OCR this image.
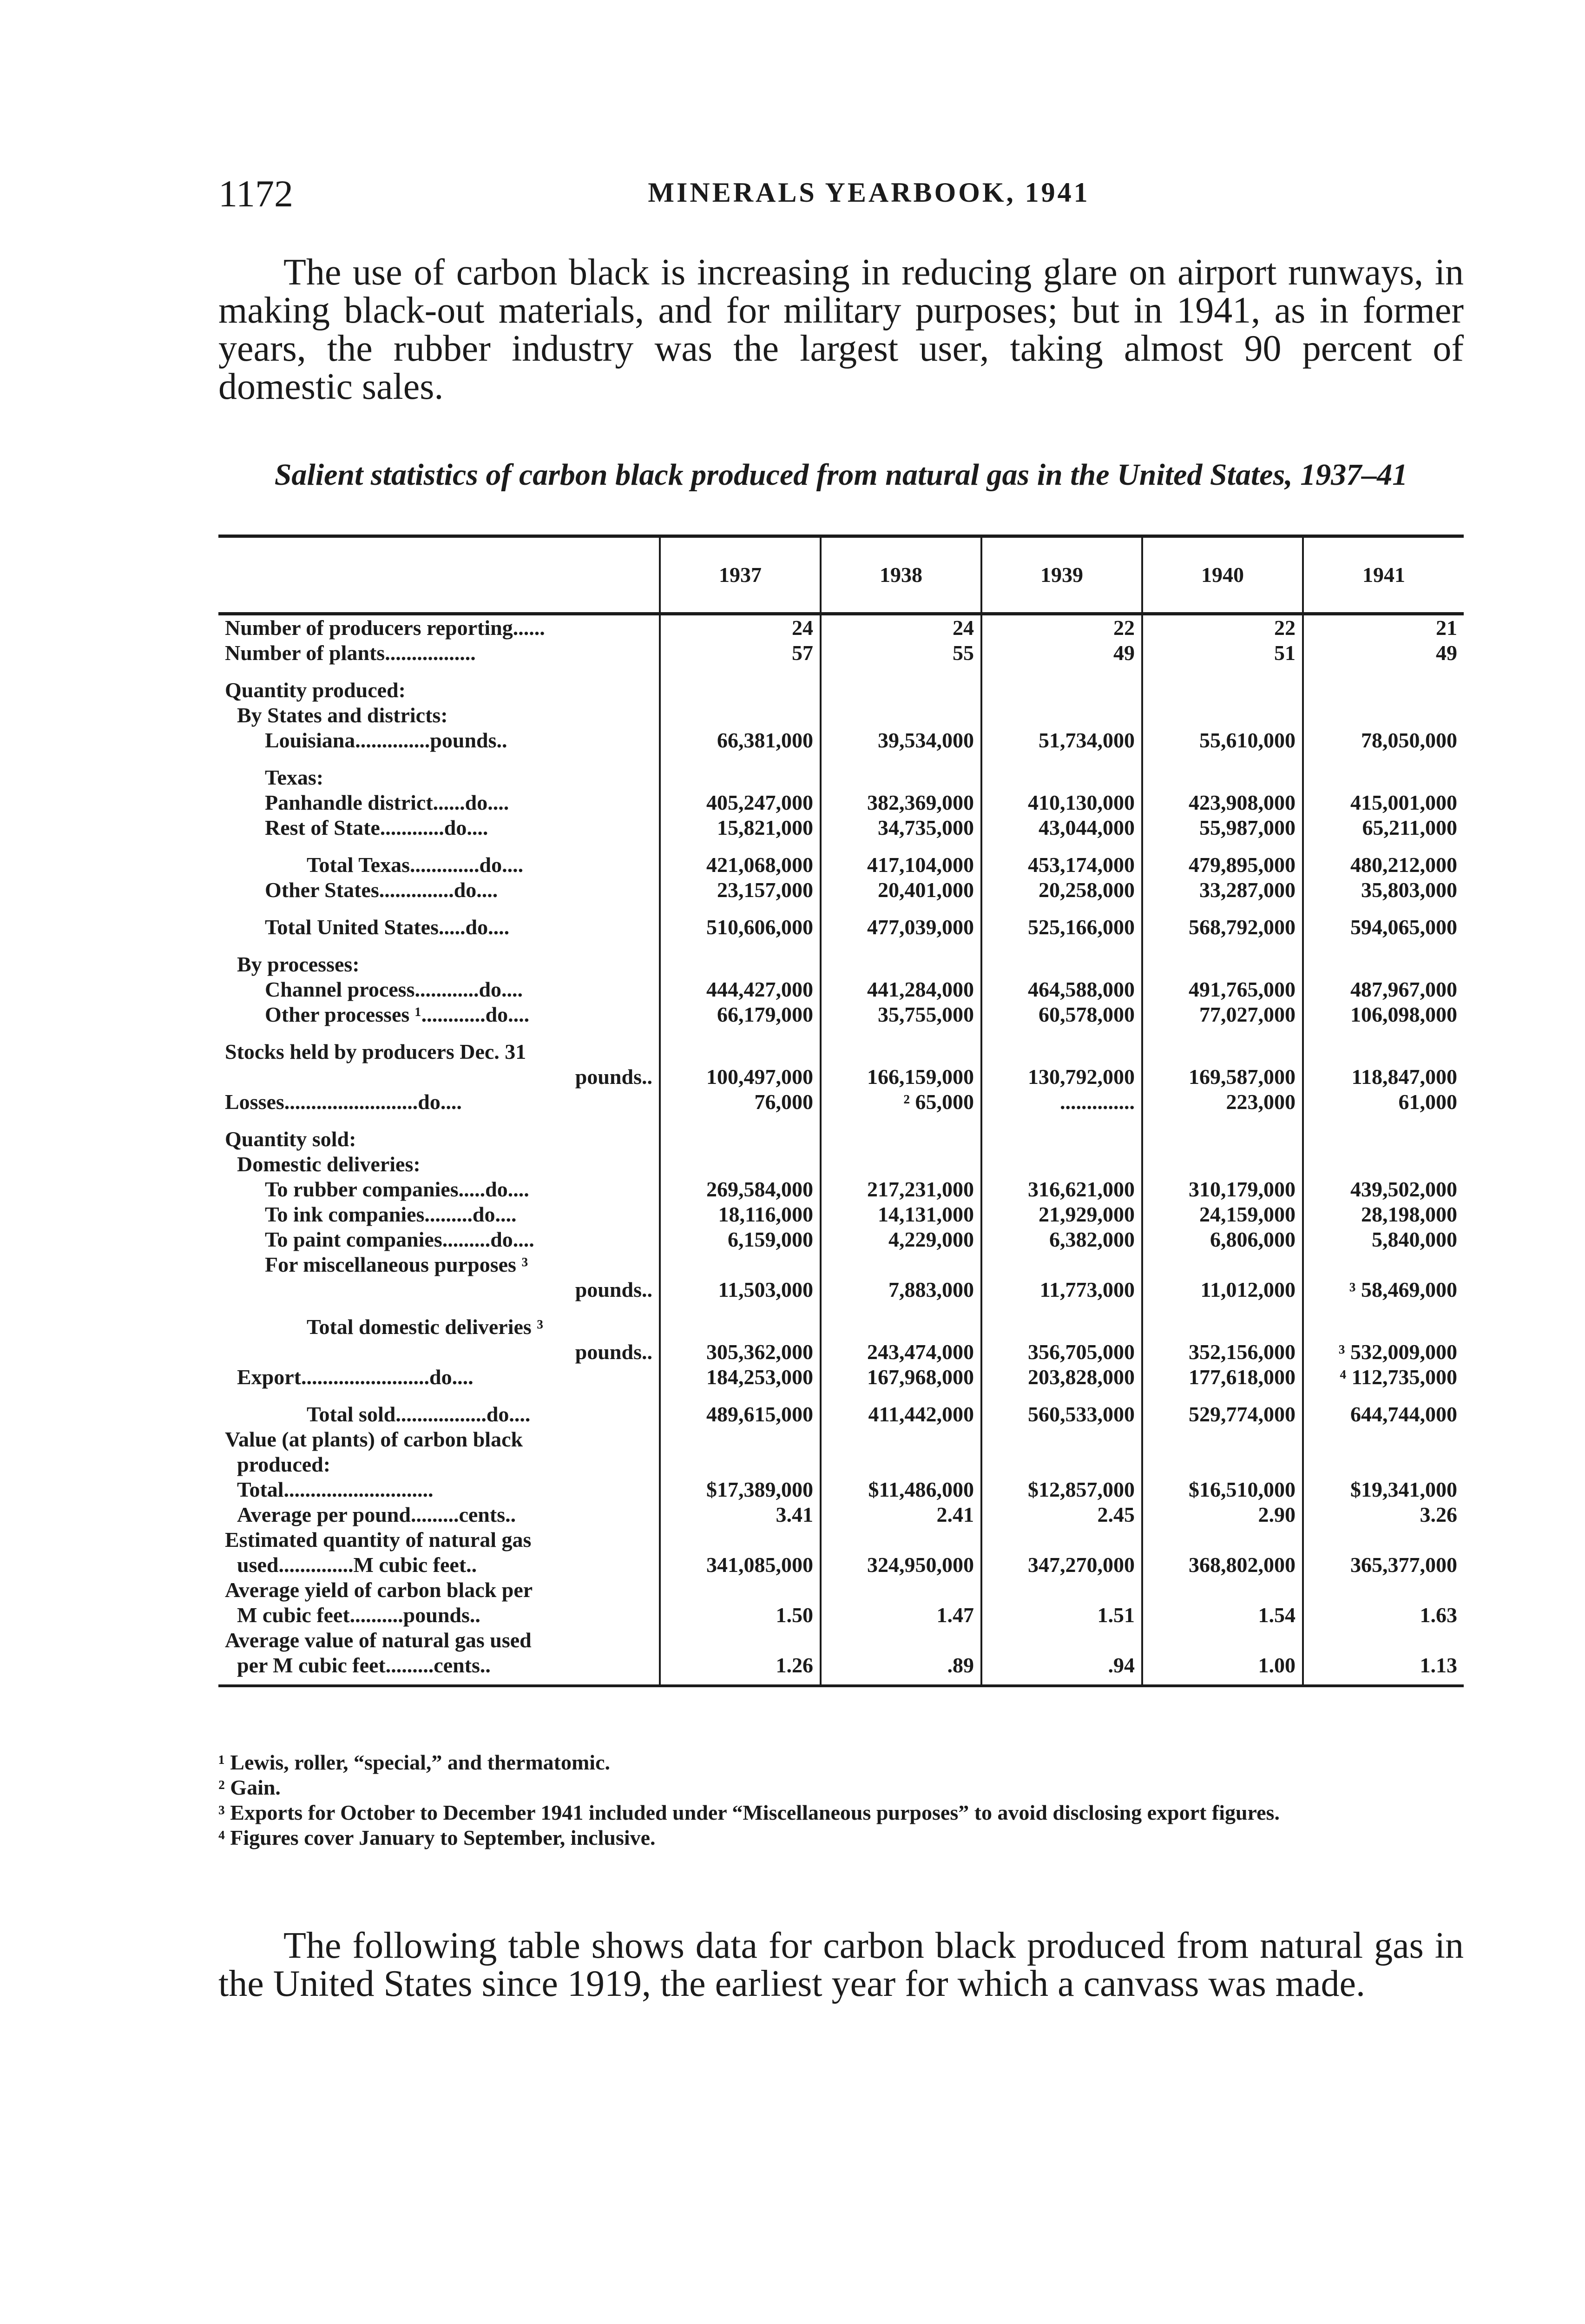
1172	MINERALS YEARBOOK, 1941

The use of carbon black is increasing in reducing glare on airport runways, in making black-out materials, and for military purposes; but in 1941, as in former years, the rubber industry was the largest user, taking almost 90 percent of domestic sales.

Salient statistics of carbon black produced from natural gas in the United States, 1937–41

	1937	1938	1939	1940	1941
Number of producers reporting......	24	24	22	22	21
Number of plants.................	57	55	49	51	49

Quantity produced:					
By States and districts:					
Louisiana..............pounds..	66,381,000	39,534,000	51,734,000	55,610,000	78,050,000

Texas:					
Panhandle district......do....	405,247,000	382,369,000	410,130,000	423,908,000	415,001,000
Rest of State............do....	15,821,000	34,735,000	43,044,000	55,987,000	65,211,000

Total Texas.............do....	421,068,000	417,104,000	453,174,000	479,895,000	480,212,000
Other States..............do....	23,157,000	20,401,000	20,258,000	33,287,000	35,803,000

Total United States.....do....	510,606,000	477,039,000	525,166,000	568,792,000	594,065,000

By processes:					
Channel process............do....	444,427,000	441,284,000	464,588,000	491,765,000	487,967,000
Other processes ¹............do....	66,179,000	35,755,000	60,578,000	77,027,000	106,098,000

Stocks held by producers Dec. 31					
pounds..	100,497,000	166,159,000	130,792,000	169,587,000	118,847,000
Losses.........................do....	76,000	² 65,000	..............	223,000	61,000

Quantity sold:					
Domestic deliveries:					
To rubber companies.....do....	269,584,000	217,231,000	316,621,000	310,179,000	439,502,000
To ink companies.........do....	18,116,000	14,131,000	21,929,000	24,159,000	28,198,000
To paint companies.........do....	6,159,000	4,229,000	6,382,000	6,806,000	5,840,000
For miscellaneous purposes ³					
pounds..	11,503,000	7,883,000	11,773,000	11,012,000	³ 58,469,000

Total domestic deliveries ³					
pounds..	305,362,000	243,474,000	356,705,000	352,156,000	³ 532,009,000
Export........................do....	184,253,000	167,968,000	203,828,000	177,618,000	⁴ 112,735,000

Total sold.................do....	489,615,000	411,442,000	560,533,000	529,774,000	644,744,000
Value (at plants) of carbon black					
produced:					
Total............................	$17,389,000	$11,486,000	$12,857,000	$16,510,000	$19,341,000
Average per pound.........cents..	3.41	2.41	2.45	2.90	3.26
Estimated quantity of natural gas					
used..............M cubic feet..	341,085,000	324,950,000	347,270,000	368,802,000	365,377,000
Average yield of carbon black per					
M cubic feet..........pounds..	1.50	1.47	1.51	1.54	1.63
Average value of natural gas used					
per M cubic feet.........cents..	1.26	.89	.94	1.00	1.13
¹ Lewis, roller, “special,” and thermatomic.
² Gain.
³ Exports for October to December 1941 included under “Miscellaneous purposes” to avoid disclosing export figures.
⁴ Figures cover January to September, inclusive.

The following table shows data for carbon black produced from natural gas in the United States since 1919, the earliest year for which a canvass was made.
